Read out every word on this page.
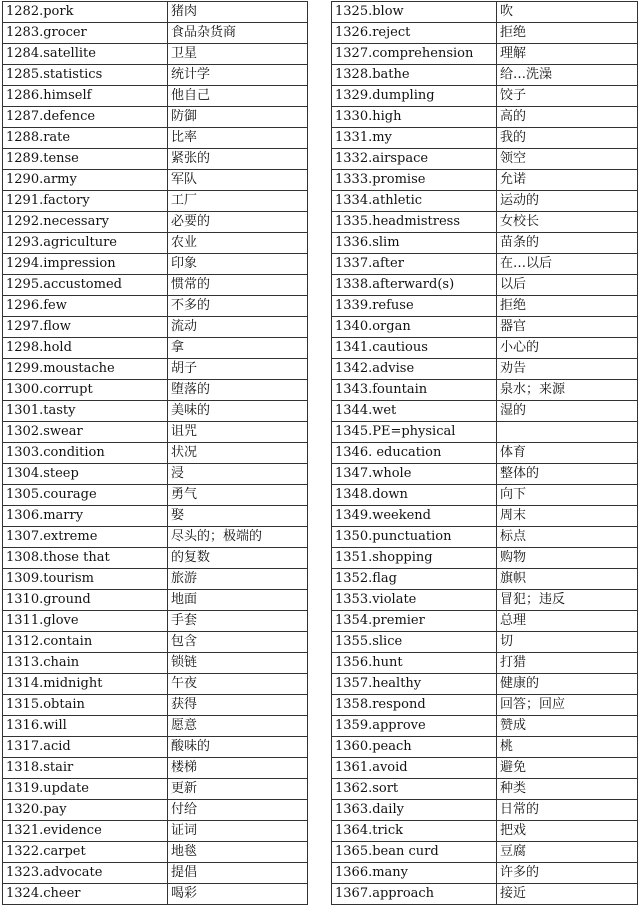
1282.pork	猪肉
1283.grocer	食品杂货商
1284.satellite	卫星
1285.statistics	统计学
1286.himself	他自己
1287.defence	防御
1288.rate	比率
1289.tense	紧张的
1290.army	军队
1291.factory	工厂
1292.necessary	必要的
1293.agriculture	农业
1294.impression	印象
1295.accustomed	惯常的
1296.few	不多的
1297.flow	流动
1298.hold	拿
1299.moustache	胡子
1300.corrupt	堕落的
1301.tasty	美味的
1302.swear	诅咒
1303.condition	状况
1304.steep	浸
1305.courage	勇气
1306.marry	娶
1307.extreme	尽头的；极端的
1308.those that	的复数
1309.tourism	旅游
1310.ground	地面
1311.glove	手套
1312.contain	包含
1313.chain	锁链
1314.midnight	午夜
1315.obtain	获得
1316.will	愿意
1317.acid	酸味的
1318.stair	楼梯
1319.update	更新
1320.pay	付给
1321.evidence	证词
1322.carpet	地毯
1323.advocate	提倡
1324.cheer	喝彩
1325.blow	吹
1326.reject	拒绝
1327.comprehension	理解
1328.bathe	给…洗澡
1329.dumpling	饺子
1330.high	高的
1331.my	我的
1332.airspace	领空
1333.promise	允诺
1334.athletic	运动的
1335.headmistress	女校长
1336.slim	苗条的
1337.after	在…以后
1338.afterward(s)	以后
1339.refuse	拒绝
1340.organ	器官
1341.cautious	小心的
1342.advise	劝告
1343.fountain	泉水；来源
1344.wet	湿的
1345.PE=physical	
1346. education	体育
1347.whole	整体的
1348.down	向下
1349.weekend	周末
1350.punctuation	标点
1351.shopping	购物
1352.flag	旗帜
1353.violate	冒犯；违反
1354.premier	总理
1355.slice	切
1356.hunt	打猎
1357.healthy	健康的
1358.respond	回答；回应
1359.approve	赞成
1360.peach	桃
1361.avoid	避免
1362.sort	种类
1363.daily	日常的
1364.trick	把戏
1365.bean curd	豆腐
1366.many	许多的
1367.approach	接近
